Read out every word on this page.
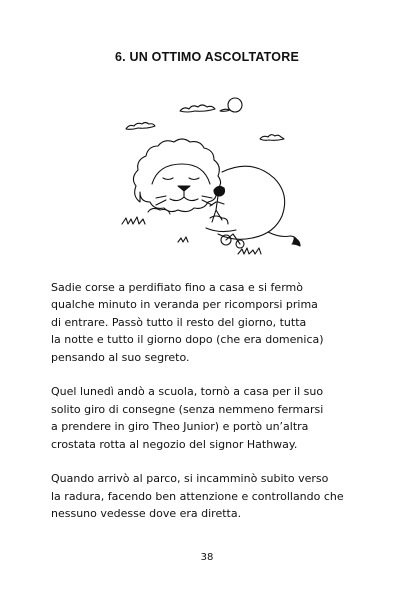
6. UN OTTIMO ASCOLTATORE

Sadie corse a perdifiato fino a casa e si fermò
qualche minuto in veranda per ricomporsi prima
di entrare. Passò tutto il resto del giorno, tutta
la notte e tutto il giorno dopo (che era domenica)
pensando al suo segreto.

Quel lunedì andò a scuola, tornò a casa per il suo
solito giro di consegne (senza nemmeno fermarsi
a prendere in giro Theo Junior) e portò un’altra
crostata rotta al negozio del signor Hathway.

Quando arrivò al parco, si incamminò subito verso
la radura, facendo ben attenzione e controllando che
nessuno vedesse dove era diretta.

38
